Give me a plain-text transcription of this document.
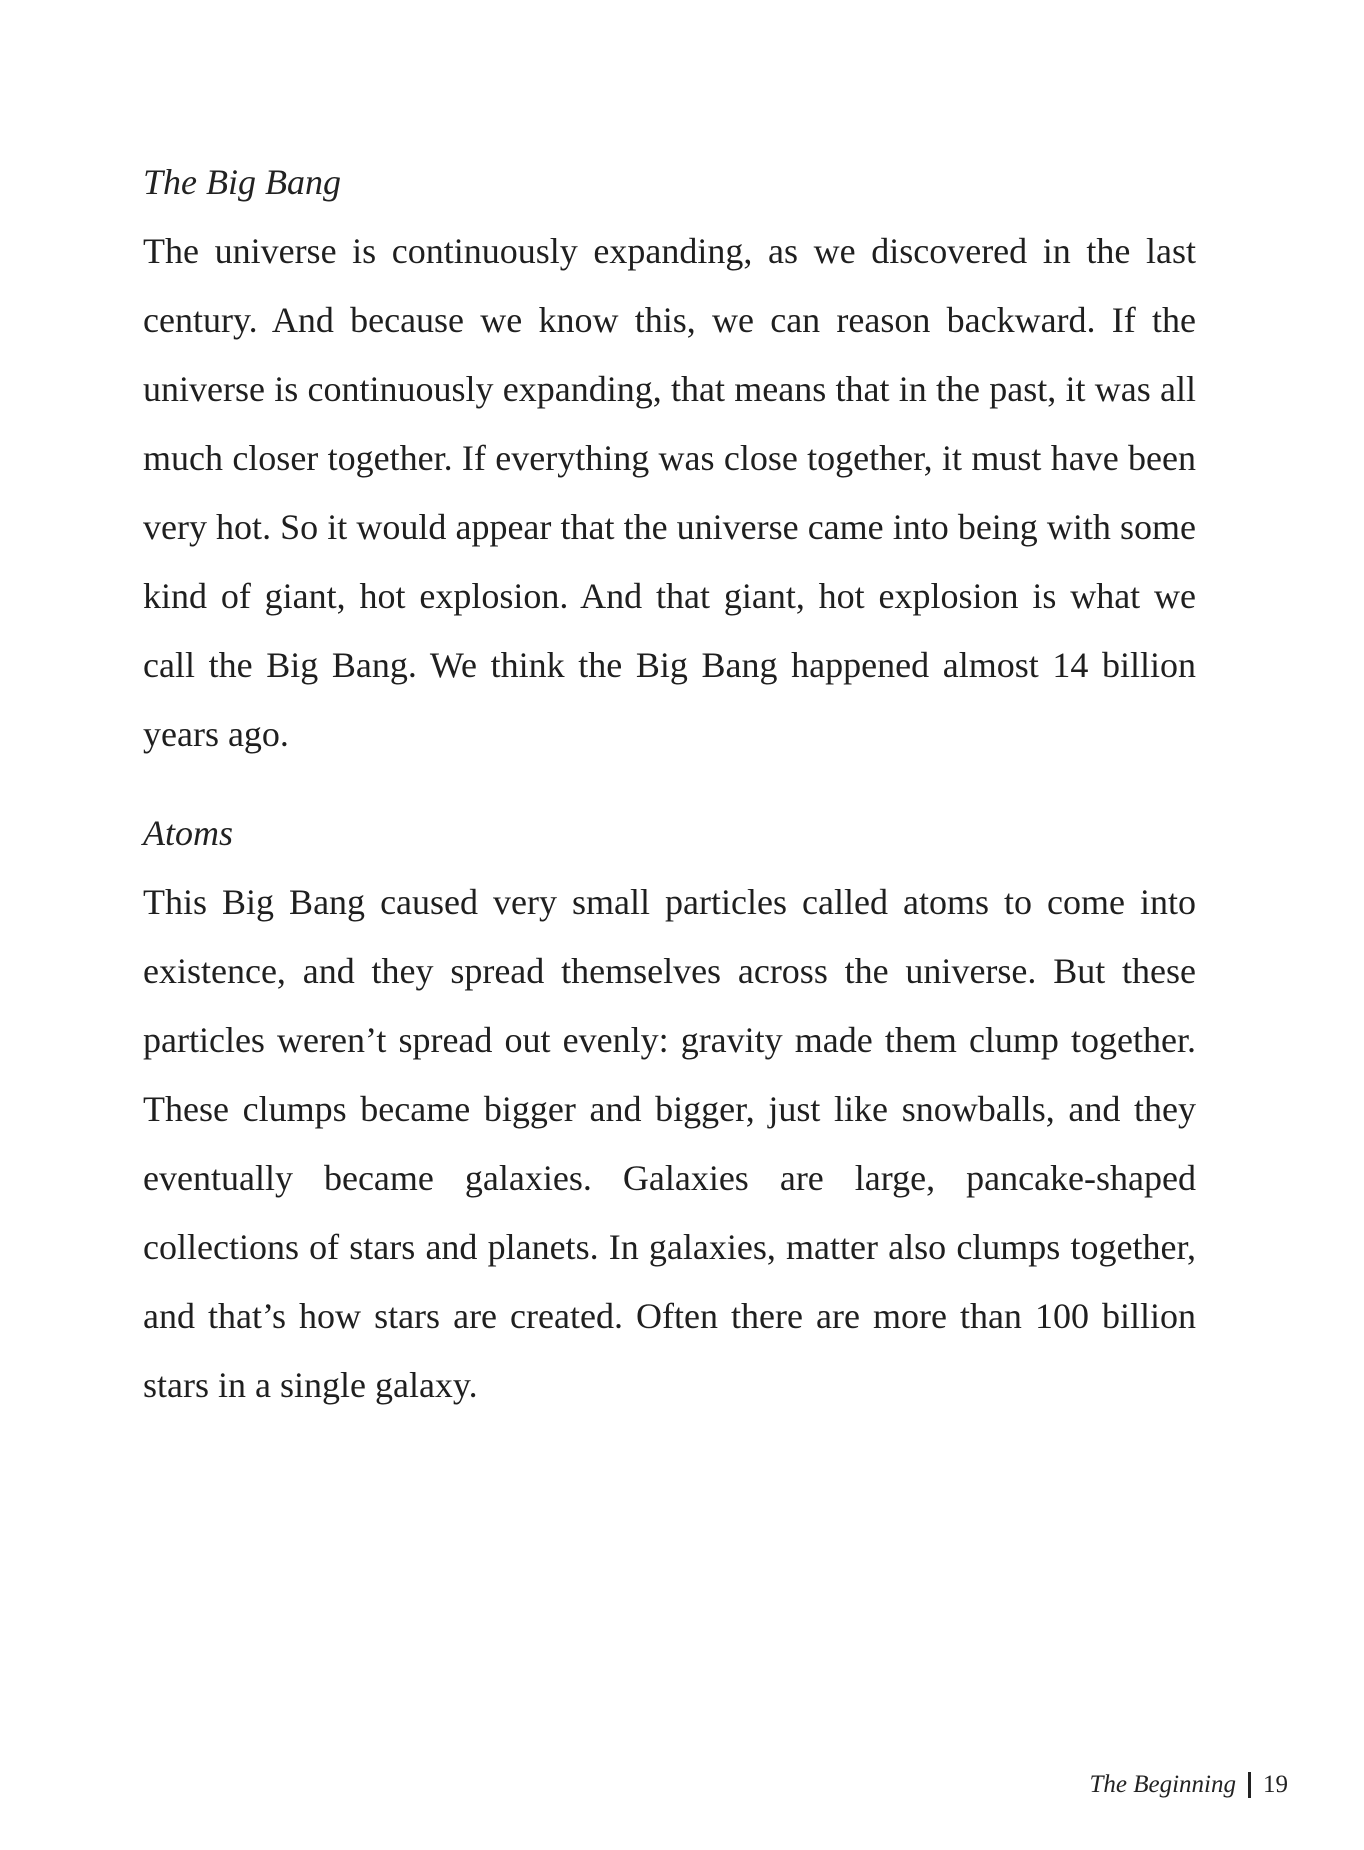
The Big Bang

The universe is continuously expanding, as we discovered in the last century. And because we know this, we can reason backward. If the universe is continuously expanding, that means that in the past, it was all much closer together. If everything was close together, it must have been very hot. So it would appear that the universe came into being with some kind of giant, hot explosion. And that giant, hot explosion is what we call the Big Bang. We think the Big Bang happened almost 14 billion years ago.

Atoms

This Big Bang caused very small particles called atoms to come into existence, and they spread themselves across the universe. But these particles weren’t spread out evenly: gravity made them clump together. These clumps became bigger and bigger, just like snowballs, and they eventually became galaxies. Galaxies are large, pancake-shaped collections of stars and planets. In galaxies, matter also clumps together, and that’s how stars are created. Often there are more than 100 billion stars in a single galaxy.

The Beginning 19
